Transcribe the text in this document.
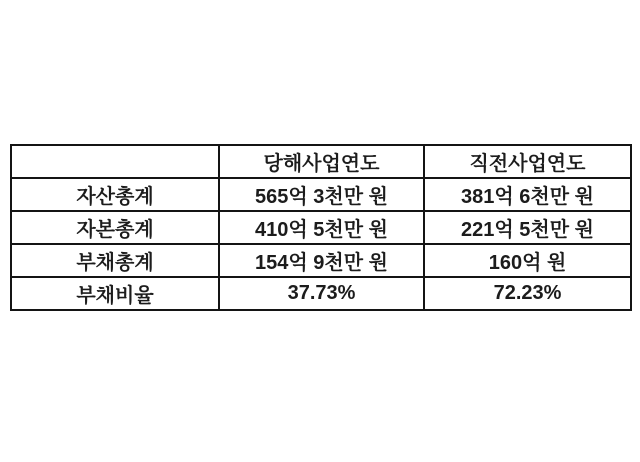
	당해사업연도	직전사업연도
자산총계	565억 3천만 원	381억 6천만 원
자본총계	410억 5천만 원	221억 5천만 원
부채총계	154억 9천만 원	160억 원
부채비율	37.73%	72.23%
